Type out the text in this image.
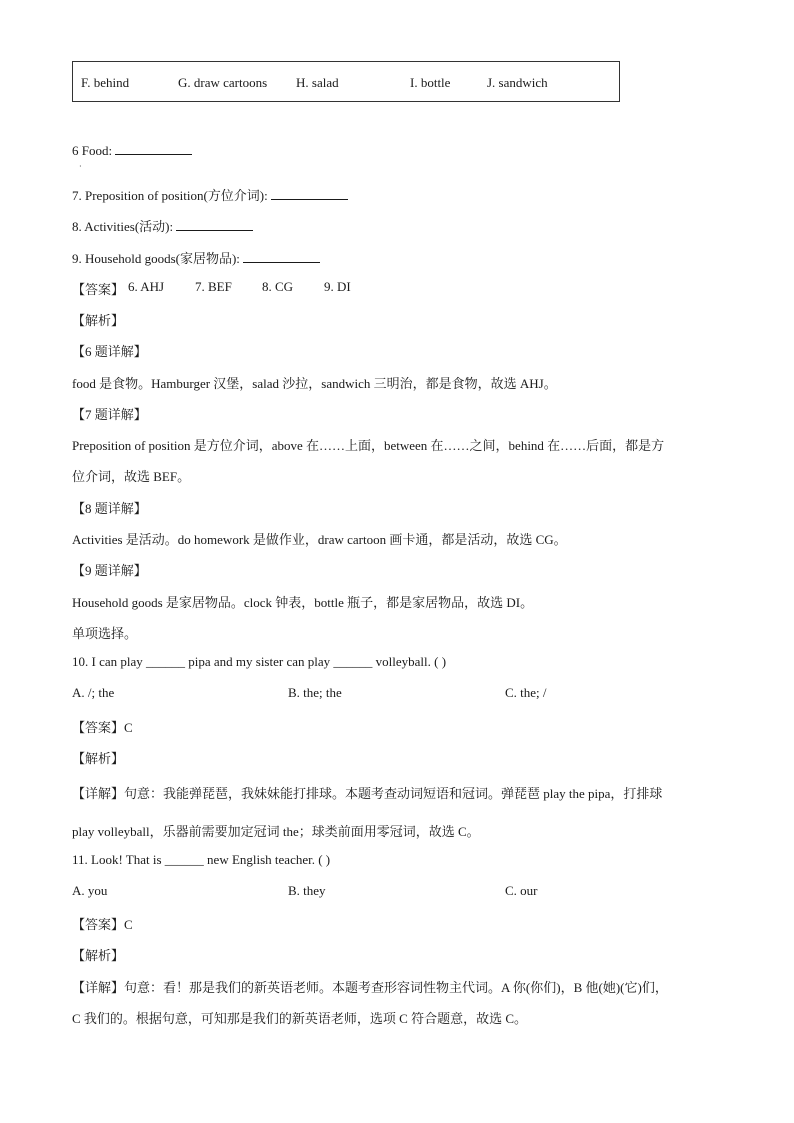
F. behind	G. draw cartoons H. salad	I. bottle	J. sandwich
6 Food:
·
7. Preposition of position(方位介词):
8. Activities(活动):
9. Household goods(家居物品):
【答案】 6. AHJ 7. BEF 8. CG 9. DI
【解析】
【6 题详解】
food 是食物。Hamburger 汉堡，salad 沙拉，sandwich 三明治，都是食物，故选 AHJ。
【7 题详解】
Preposition of position 是方位介词，above 在……上面，between 在……之间，behind 在……后面，都是方
位介词，故选 BEF。
【8 题详解】
Activities 是活动。do homework 是做作业，draw cartoon 画卡通，都是活动，故选 CG。
【9 题详解】
Household goods 是家居物品。clock 钟表，bottle 瓶子，都是家居物品，故选 DI。
单项选择。
10. I can play ______ pipa and my sister can play ______ volleyball. ( )
A. /; the	B. the; the	C. the; /
【答案】C
【解析】
【详解】句意：我能弹琵琶，我妹妹能打排球。本题考查动词短语和冠词。弹琵琶 play the pipa，打排球
play volleyball，乐器前需要加定冠词 the；球类前面用零冠词，故选 C。
11. Look! That is ______ new English teacher. ( )
A. you	B. they	C. our
【答案】C
【解析】
【详解】句意：看！那是我们的新英语老师。本题考查形容词性物主代词。A 你(你们)，B 他(她)(它)们，
C 我们的。根据句意，可知那是我们的新英语老师，选项 C 符合题意，故选 C。
